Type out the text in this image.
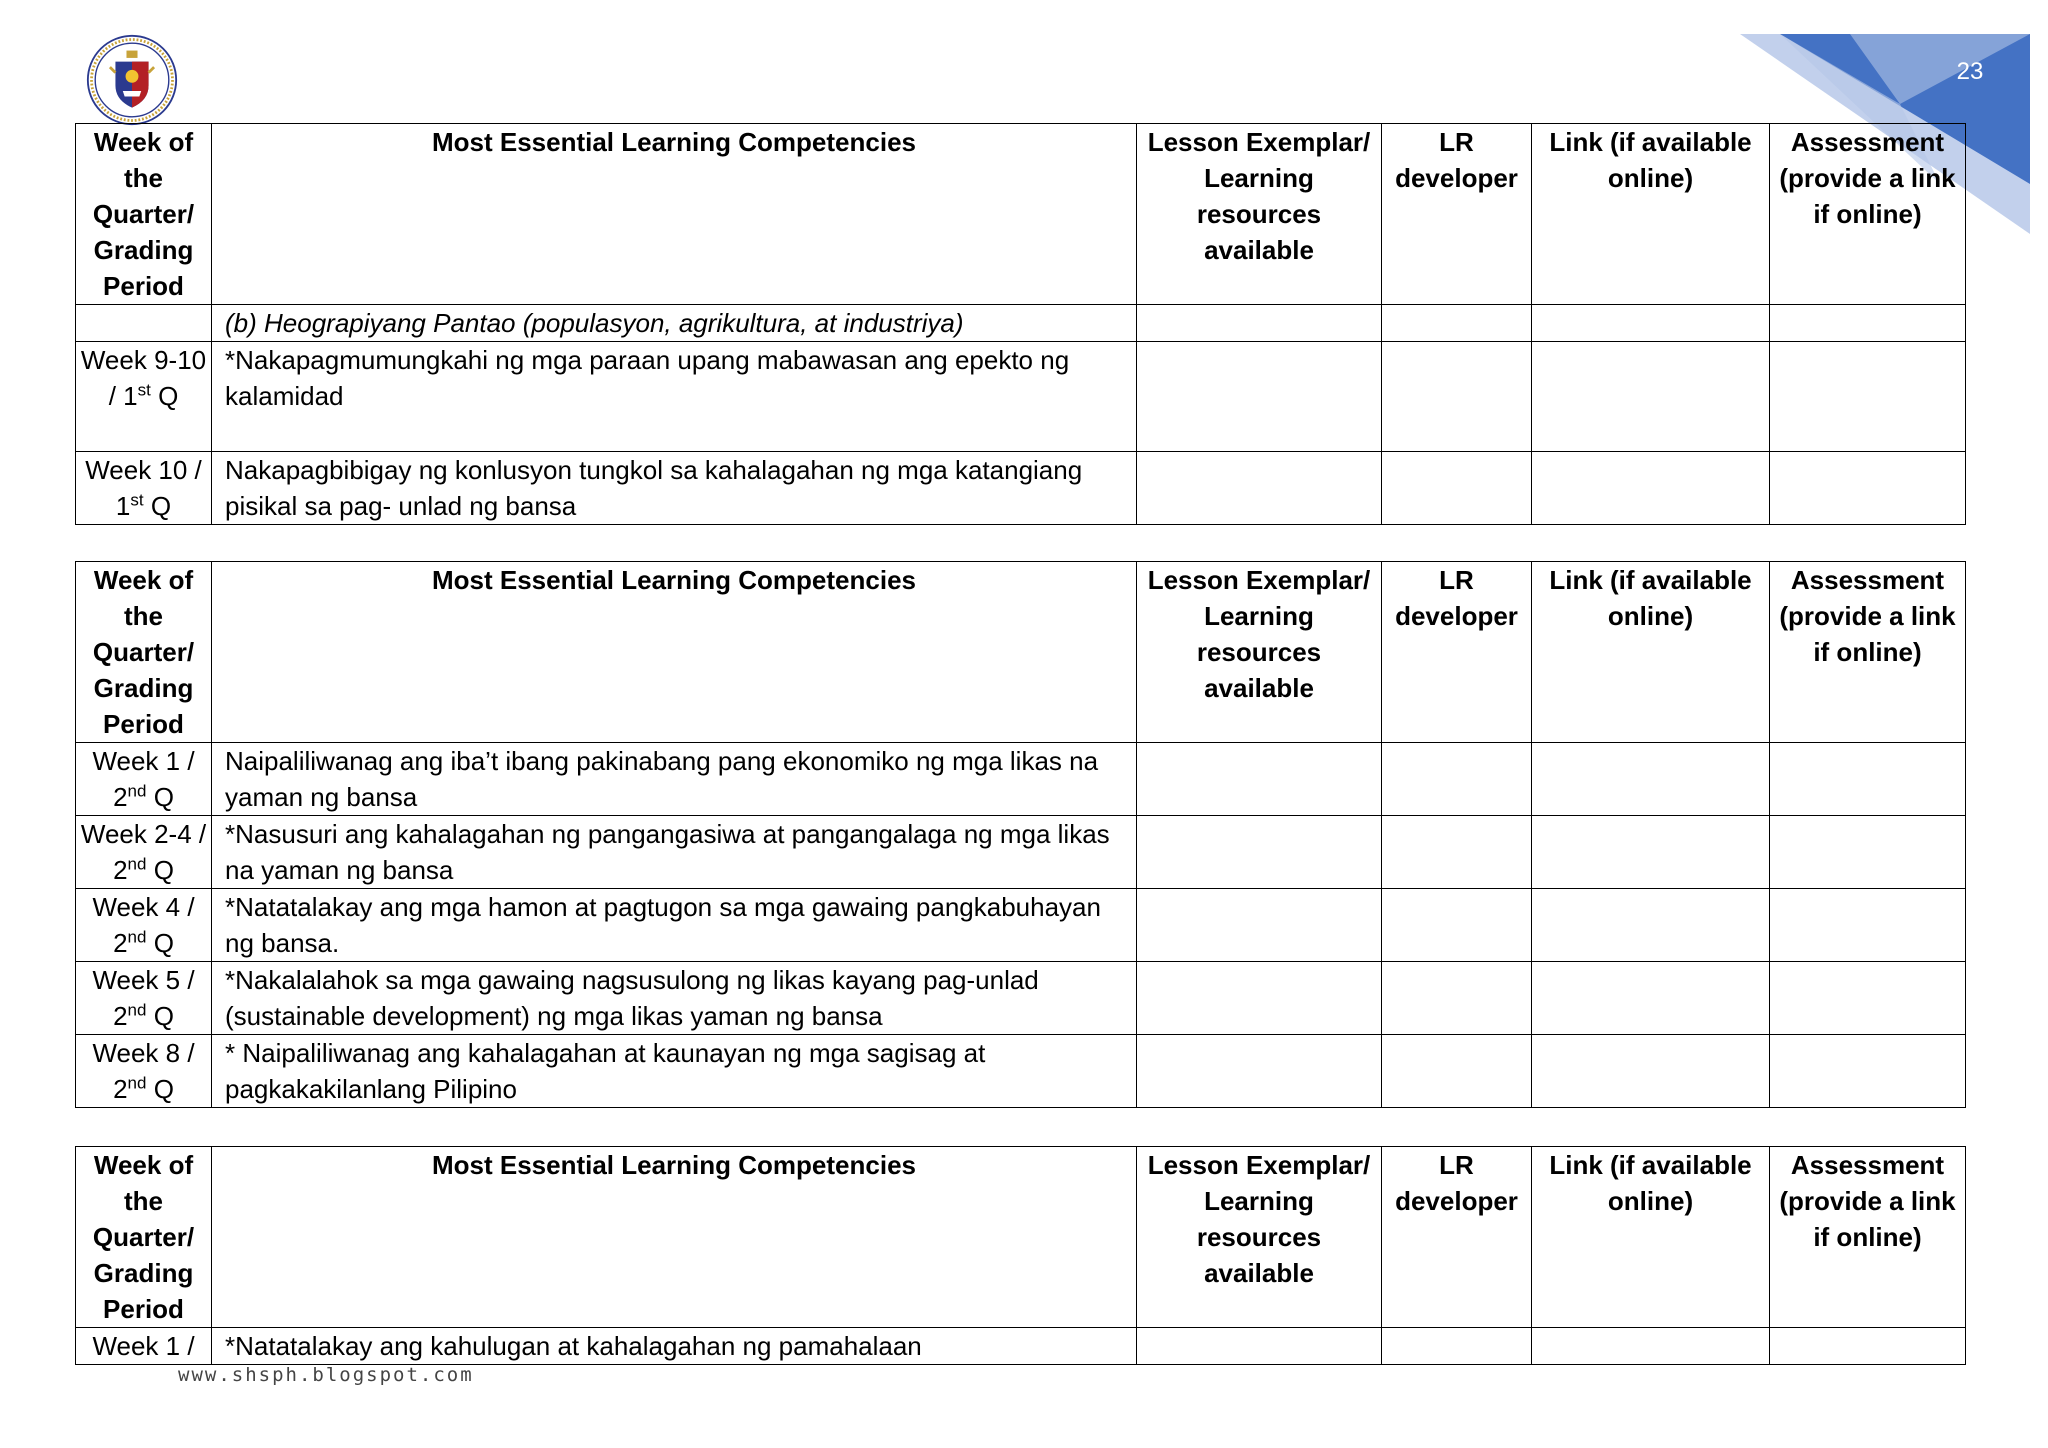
23
Week of the Quarter/ Grading Period	Most Essential Learning Competencies	Lesson Exemplar/ Learning resources available	LR developer	Link (if available online)	Assessment (provide a link if online)
	(b) Heograpiyang Pantao (populasyon, agrikultura, at industriya)				
Week 9-10 / 1st Q	*Nakapagmumungkahi ng mga paraan upang mabawasan ang epekto ng kalamidad				
Week 10 / 1st Q	Nakapagbibigay ng konlusyon tungkol sa kahalagahan ng mga katangiang pisikal sa pag- unlad ng bansa				
Week of the Quarter/ Grading Period	Most Essential Learning Competencies	Lesson Exemplar/ Learning resources available	LR developer	Link (if available online)	Assessment (provide a link if online)
Week 1 / 2nd Q	Naipaliliwanag ang iba’t ibang pakinabang pang ekonomiko ng mga likas na yaman ng bansa				
Week 2-4 / 2nd Q	*Nasusuri ang kahalagahan ng pangangasiwa at pangangalaga ng mga likas na yaman ng bansa				
Week 4 / 2nd Q	*Natatalakay ang mga hamon at pagtugon sa mga gawaing pangkabuhayan ng bansa.				
Week 5 / 2nd Q	*Nakalalahok sa mga gawaing nagsusulong ng likas kayang pag-unlad (sustainable development) ng mga likas yaman ng bansa				
Week 8 / 2nd Q	* Naipaliliwanag ang kahalagahan at kaunayan ng mga sagisag at pagkakakilanlang Pilipino				
Week of the Quarter/ Grading Period	Most Essential Learning Competencies	Lesson Exemplar/ Learning resources available	LR developer	Link (if available online)	Assessment (provide a link if online)
Week 1 /	*Natatalakay ang kahulugan at kahalagahan ng pamahalaan				
www.shsph.blogspot.com
